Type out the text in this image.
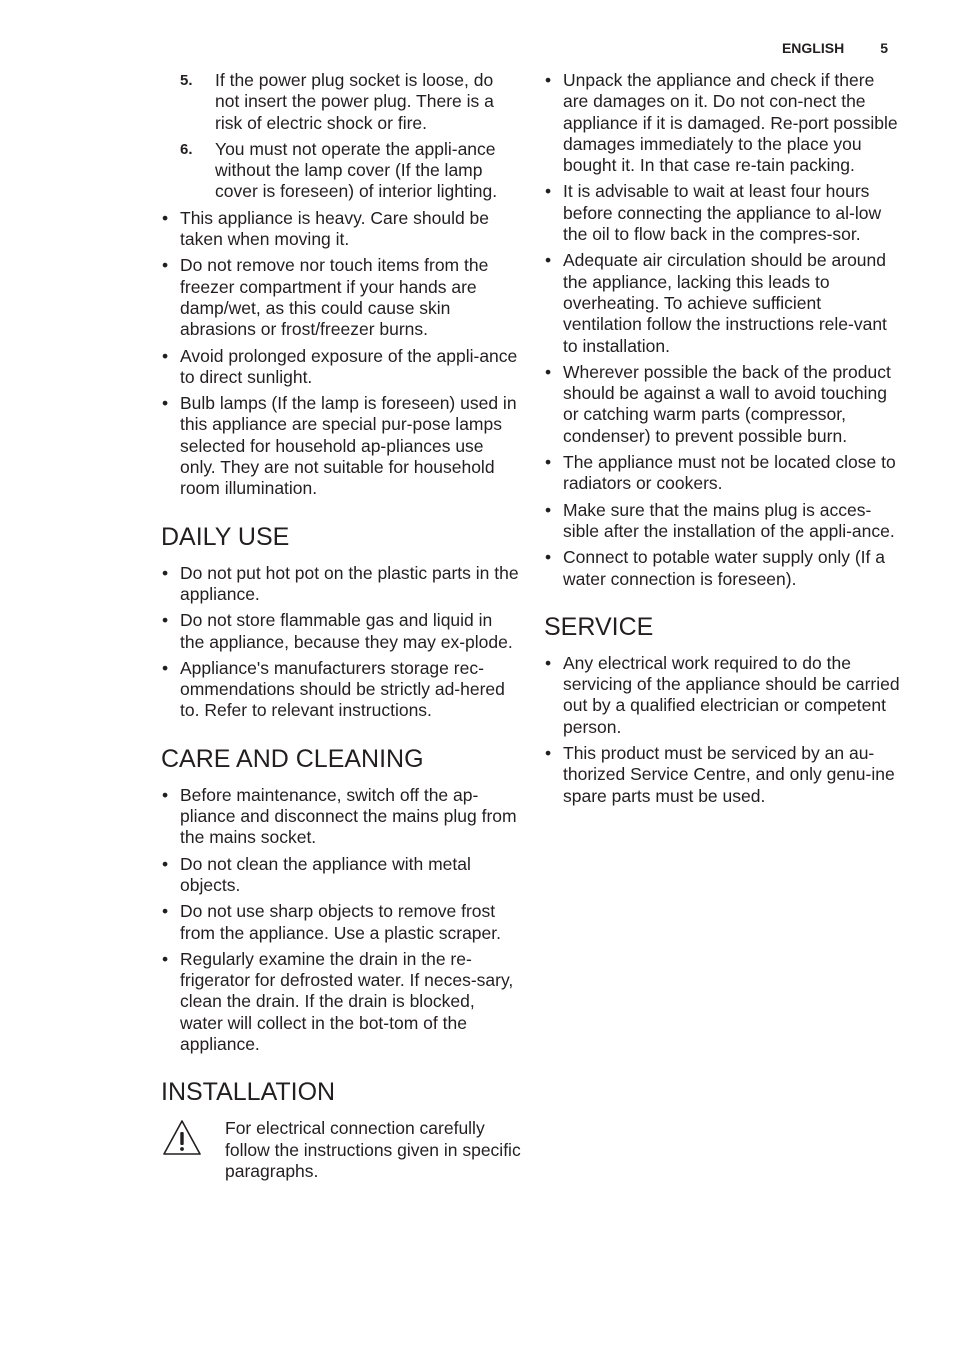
ENGLISH	5
5. If the power plug socket is loose, do not insert the power plug. There is a risk of electric shock or fire.
6. You must not operate the appli-ance without the lamp cover (If the lamp cover is foreseen) of interior lighting.
• This appliance is heavy. Care should be taken when moving it.
• Do not remove nor touch items from the freezer compartment if your hands are damp/wet, as this could cause skin abrasions or frost/freezer burns.
• Avoid prolonged exposure of the appli-ance to direct sunlight.
• Bulb lamps (If the lamp is foreseen) used in this appliance are special pur-pose lamps selected for household ap-pliances use only. They are not suitable for household room illumination.
DAILY USE
• Do not put hot pot on the plastic parts in the appliance.
• Do not store flammable gas and liquid in the appliance, because they may ex-plode.
• Appliance's manufacturers storage rec-ommendations should be strictly ad-hered to. Refer to relevant instructions.
CARE AND CLEANING
• Before maintenance, switch off the ap-pliance and disconnect the mains plug from the mains socket.
• Do not clean the appliance with metal objects.
• Do not use sharp objects to remove frost from the appliance. Use a plastic scraper.
• Regularly examine the drain in the re-frigerator for defrosted water. If neces-sary, clean the drain. If the drain is blocked, water will collect in the bot-tom of the appliance.
INSTALLATION
For electrical connection carefully follow the instructions given in specific paragraphs.
• Unpack the appliance and check if there are damages on it. Do not con-nect the appliance if it is damaged. Re-port possible damages immediately to the place you bought it. In that case re-tain packing.
• It is advisable to wait at least four hours before connecting the appliance to al-low the oil to flow back in the compres-sor.
• Adequate air circulation should be around the appliance, lacking this leads to overheating. To achieve sufficient ventilation follow the instructions rele-vant to installation.
• Wherever possible the back of the product should be against a wall to avoid touching or catching warm parts (compressor, condenser) to prevent possible burn.
• The appliance must not be located close to radiators or cookers.
• Make sure that the mains plug is acces-sible after the installation of the appli-ance.
• Connect to potable water supply only (If a water connection is foreseen).
SERVICE
• Any electrical work required to do the servicing of the appliance should be carried out by a qualified electrician or competent person.
• This product must be serviced by an au-thorized Service Centre, and only genu-ine spare parts must be used.
